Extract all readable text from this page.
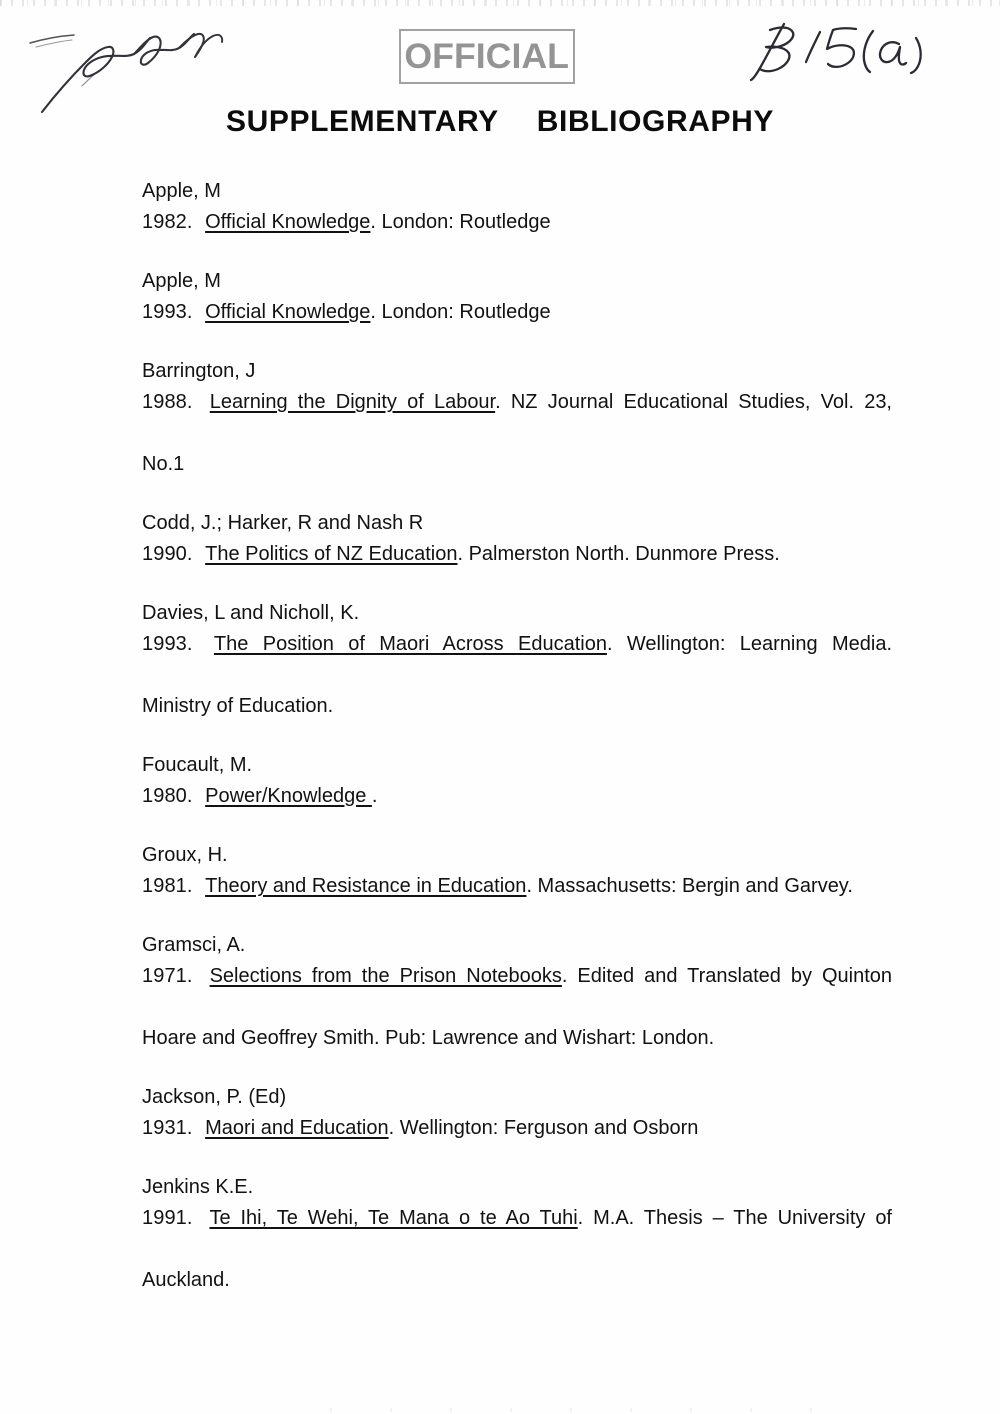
OFFICIAL
SUPPLEMENTARY BIBLIOGRAPHY
Apple, M
1982. Official Knowledge. London: Routledge
Apple, M
1993. Official Knowledge. London: Routledge
Barrington, J
1988. Learning the Dignity of Labour. NZ Journal Educational Studies, Vol. 23,
No.1
Codd, J.; Harker, R and Nash R
1990. The Politics of NZ Education. Palmerston North. Dunmore Press.
Davies, L and Nicholl, K.
1993. The Position of Maori Across Education. Wellington: Learning Media.
Ministry of Education.
Foucault, M.
1980. Power/Knowledge .
Groux, H.
1981. Theory and Resistance in Education. Massachusetts: Bergin and Garvey.
Gramsci, A.
1971. Selections from the Prison Notebooks. Edited and Translated by Quinton
Hoare and Geoffrey Smith. Pub: Lawrence and Wishart: London.
Jackson, P. (Ed)
1931. Maori and Education. Wellington: Ferguson and Osborn
Jenkins K.E.
1991. Te Ihi, Te Wehi, Te Mana o te Ao Tuhi. M.A. Thesis – The University of
Auckland.
